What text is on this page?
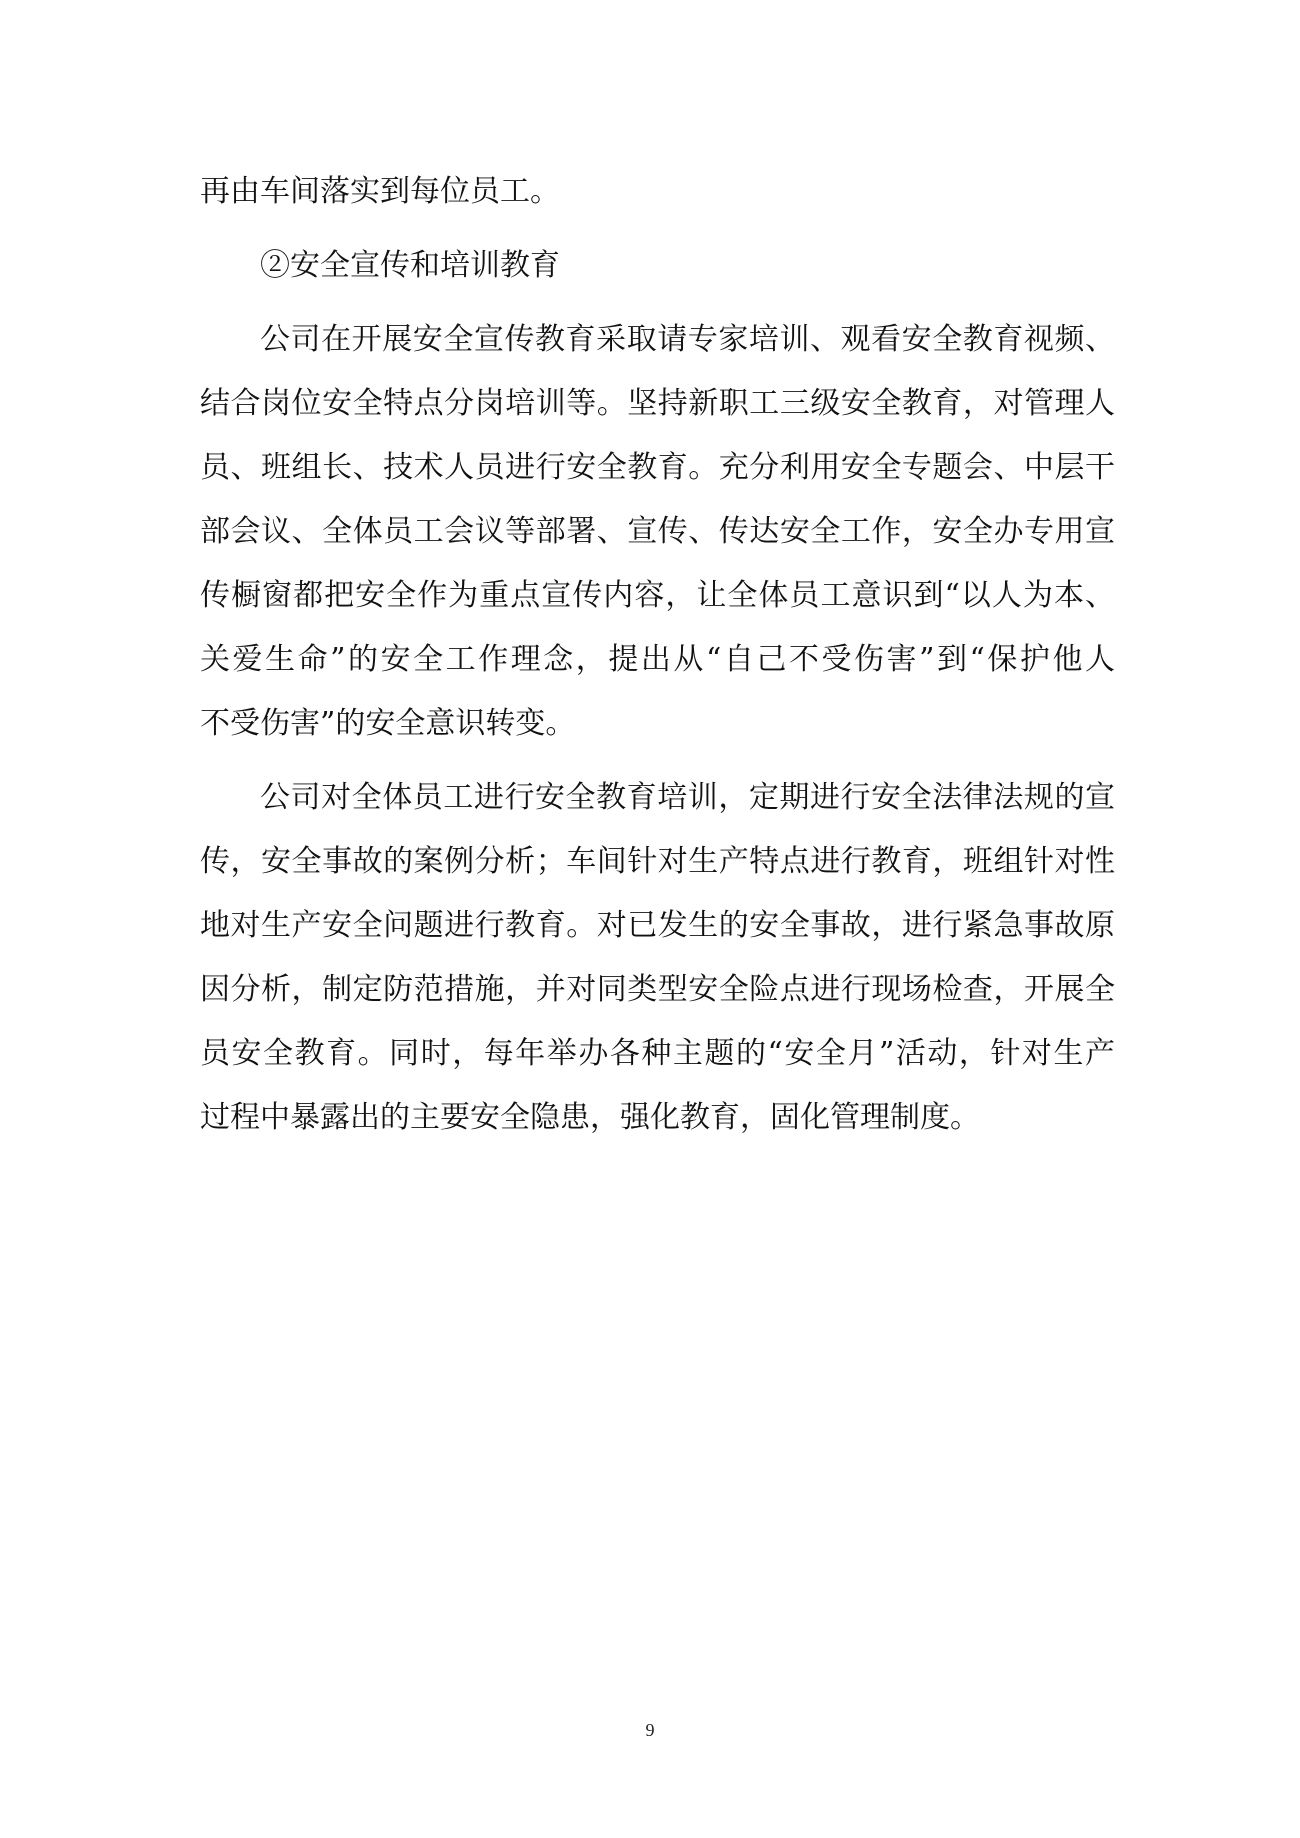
再由车间落实到每位员工。
②安全宣传和培训教育
公司在开展安全宣传教育采取请专家培训、观看安全教育视频、
结合岗位安全特点分岗培训等。坚持新职工三级安全教育，对管理人
员、班组长、技术人员进行安全教育。充分利用安全专题会、中层干
部会议、全体员工会议等部署、宣传、传达安全工作，安全办专用宣
传橱窗都把安全作为重点宣传内容，让全体员工意识到“以人为本、
关爱生命”的安全工作理念，提出从“自己不受伤害”到“保护他人
不受伤害”的安全意识转变。
公司对全体员工进行安全教育培训，定期进行安全法律法规的宣
传，安全事故的案例分析；车间针对生产特点进行教育，班组针对性
地对生产安全问题进行教育。对已发生的安全事故，进行紧急事故原
因分析，制定防范措施，并对同类型安全险点进行现场检查，开展全
员安全教育。同时，每年举办各种主题的“安全月”活动，针对生产
过程中暴露出的主要安全隐患，强化教育，固化管理制度。
9
